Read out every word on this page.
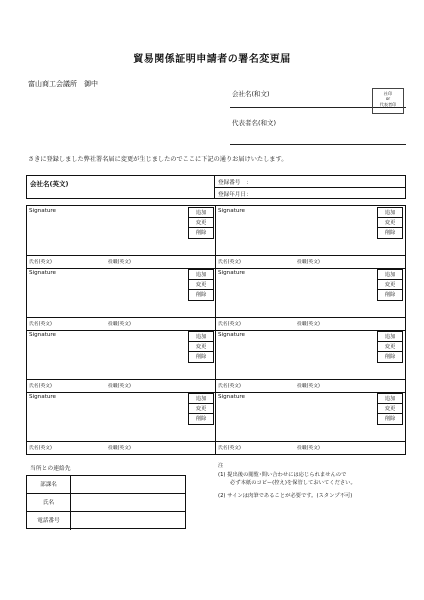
貿易関係証明申請者の署名変更届
富山商工会議所　御中
会社名(和文)
代表者名(和文)
社印
or
代表者印
さきに登録しました弊社署名届に変更が生じましたのでここに下記の通りお届けいたします。
会社名(英文)	登録番号　：
登録年月日：
Signature	追加
変更
削除
氏名(英文)	役職(英文)
Signature	追加
変更
削除
氏名(英文)	役職(英文)
Signature	追加
変更
削除
氏名(英文)	役職(英文)
Signature	追加
変更
削除
氏名(英文)	役職(英文)
Signature	追加
変更
削除
氏名(英文)	役職(英文)
Signature	追加
変更
削除
氏名(英文)	役職(英文)
Signature	追加
変更
削除
氏名(英文)	役職(英文)
Signature	追加
変更
削除
氏名(英文)	役職(英文)
当所との連絡先
部課名
氏名
電話番号
注
(1) 提出後の閲覧･問い合わせには応じられませんので
必ず本紙のコピー(控え)を保管しておいてください。
(2) サインは肉筆であることが必要です。(スタンプ不可)
